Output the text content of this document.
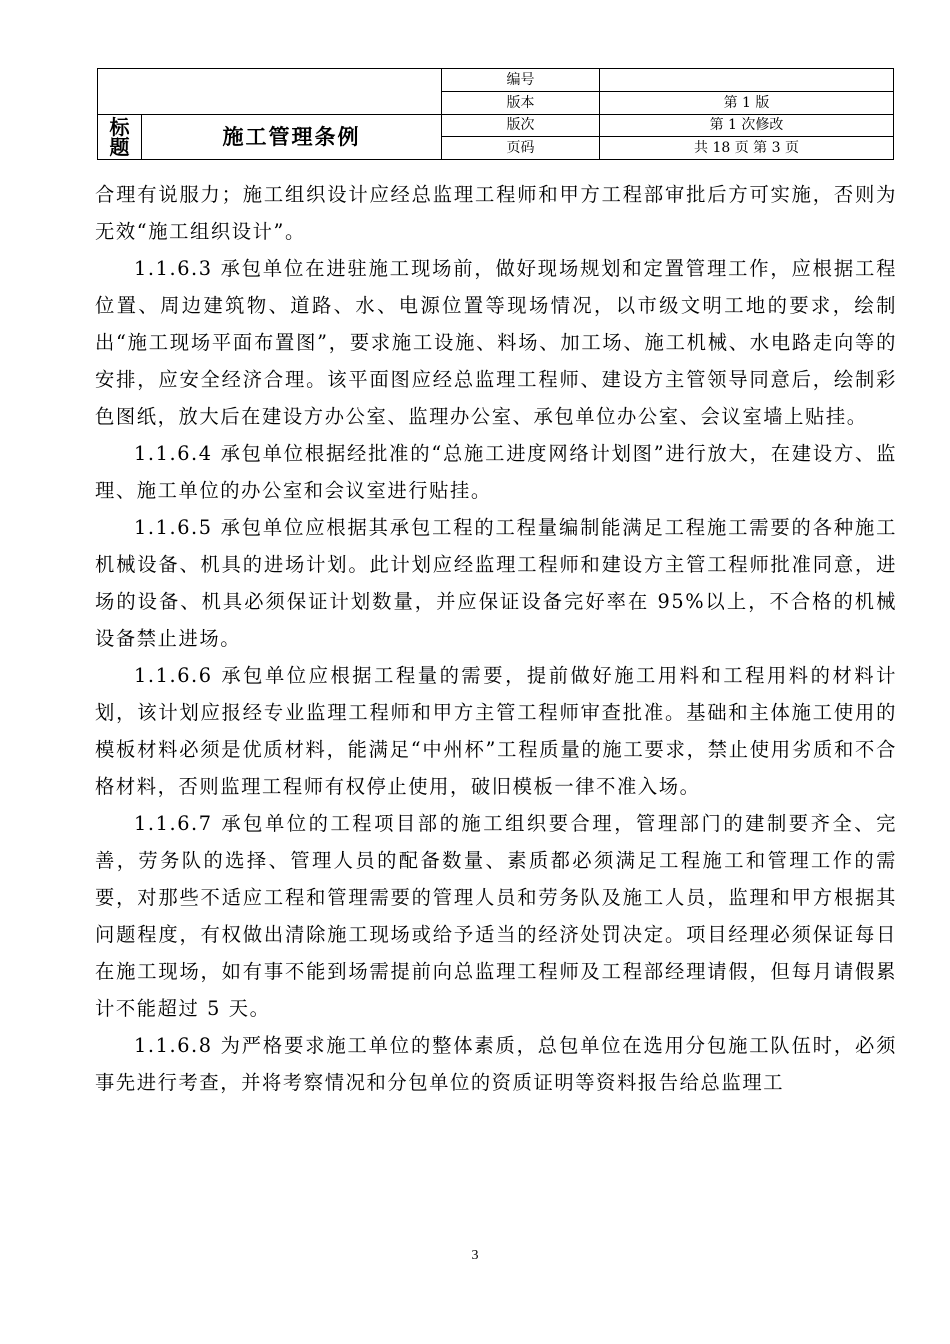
		编号	
		版本	第 1 版

标
题	施工管理条例	版次	第 1 次修改
		页码	共 18 页 第 3 页

合理有说服力；施工组织设计应经总监理工程师和甲方工程部审批后方可实施，否则为无效“施工组织设计”。

1.1.6.3 承包单位在进驻施工现场前，做好现场规划和定置管理工作，应根据工程位置、周边建筑物、道路、水、电源位置等现场情况，以市级文明工地的要求，绘制出“施工现场平面布置图”，要求施工设施、料场、加工场、施工机械、水电路走向等的安排，应安全经济合理。该平面图应经总监理工程师、建设方主管领导同意后，绘制彩色图纸，放大后在建设方办公室、监理办公室、承包单位办公室、会议室墙上贴挂。

1.1.6.4 承包单位根据经批准的“总施工进度网络计划图”进行放大，在建设方、监理、施工单位的办公室和会议室进行贴挂。

1.1.6.5 承包单位应根据其承包工程的工程量编制能满足工程施工需要的各种施工机械设备、机具的进场计划。此计划应经监理工程师和建设方主管工程师批准同意，进场的设备、机具必须保证计划数量，并应保证设备完好率在 95%以上，不合格的机械设备禁止进场。

1.1.6.6 承包单位应根据工程量的需要，提前做好施工用料和工程用料的材料计划，该计划应报经专业监理工程师和甲方主管工程师审查批准。基础和主体施工使用的模板材料必须是优质材料，能满足“中州杯”工程质量的施工要求，禁止使用劣质和不合格材料，否则监理工程师有权停止使用，破旧模板一律不准入场。

1.1.6.7 承包单位的工程项目部的施工组织要合理，管理部门的建制要齐全、完善，劳务队的选择、管理人员的配备数量、素质都必须满足工程施工和管理工作的需要，对那些不适应工程和管理需要的管理人员和劳务队及施工人员，监理和甲方根据其问题程度，有权做出清除施工现场或给予适当的经济处罚决定。项目经理必须保证每日在施工现场，如有事不能到场需提前向总监理工程师及工程部经理请假，但每月请假累计不能超过 5 天。

1.1.6.8 为严格要求施工单位的整体素质，总包单位在选用分包施工队伍时，必须事先进行考查，并将考察情况和分包单位的资质证明等资料报告给总监理工

3
